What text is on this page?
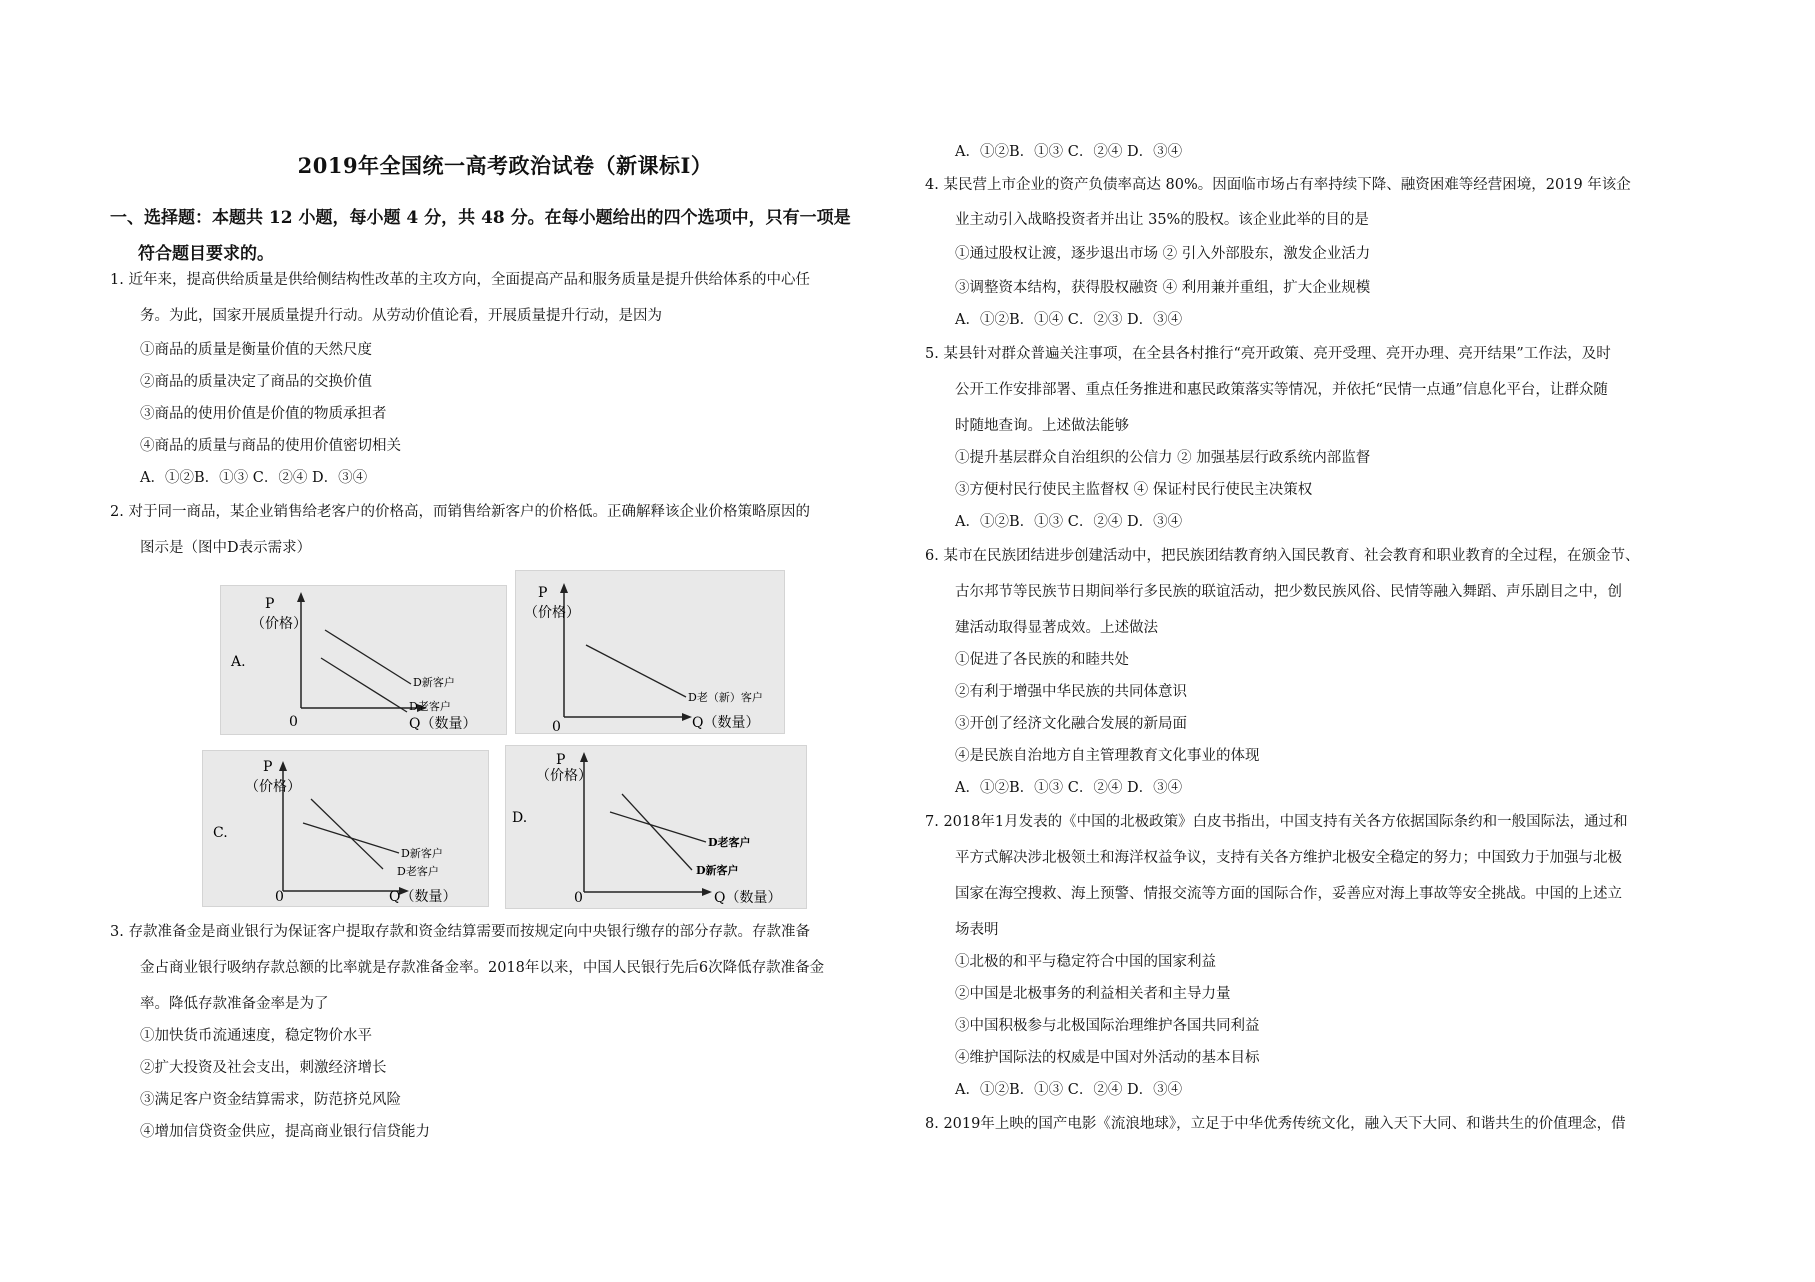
2019年全国统一高考政治试卷（新课标Ⅰ）
一、选择题：本题共 12 小题，每小题 4 分，共 48 分。在每小题给出的四个选项中，只有一项是
符合题目要求的。
1. 近年来，提高供给质量是供给侧结构性改革的主攻方向，全面提高产品和服务质量是提升供给体系的中心任
务。为此，国家开展质量提升行动。从劳动价值论看，开展质量提升行动，是因为
①商品的质量是衡量价值的天然尺度
②商品的质量决定了商品的交换价值
③商品的使用价值是价值的物质承担者
④商品的质量与商品的使用价值密切相关
A．①②B．①③ C．②④ D．③④
2. 对于同一商品，某企业销售给老客户的价格高，而销售给新客户的价格低。正确解释该企业价格策略原因的
图示是（图中D表示需求）
A.
P
（价格）
Q（数量）
0
D新客户
D老客户
P
（价格）
Q（数量）
0
D老（新）客户
C.
P
（价格）
Q（数量）
0
D新客户
D老客户
D.
P
（价格）
Q（数量）
0
D老客户
D新客户
3. 存款准备金是商业银行为保证客户提取存款和资金结算需要而按规定向中央银行缴存的部分存款。存款准备
金占商业银行吸纳存款总额的比率就是存款准备金率。2018年以来，中国人民银行先后6次降低存款准备金
率。降低存款准备金率是为了
①加快货币流通速度，稳定物价水平
②扩大投资及社会支出，刺激经济增长
③满足客户资金结算需求，防范挤兑风险
④增加信贷资金供应，提高商业银行信贷能力
A．①②B．①③ C．②④ D．③④
4. 某民营上市企业的资产负债率高达 80%。因面临市场占有率持续下降、融资困难等经营困境，2019 年该企
业主动引入战略投资者并出让 35%的股权。该企业此举的目的是
①通过股权让渡，逐步退出市场 ② 引入外部股东，激发企业活力
③调整资本结构，获得股权融资 ④ 利用兼并重组，扩大企业规模
A．①②B．①④ C．②③ D．③④
5. 某县针对群众普遍关注事项，在全县各村推行“亮开政策、亮开受理、亮开办理、亮开结果”工作法，及时
公开工作安排部署、重点任务推进和惠民政策落实等情况，并依托“民情一点通”信息化平台，让群众随
时随地查询。上述做法能够
①提升基层群众自治组织的公信力 ② 加强基层行政系统内部监督
③方便村民行使民主监督权 ④ 保证村民行使民主决策权
A．①②B．①③ C．②④ D．③④
6. 某市在民族团结进步创建活动中，把民族团结教育纳入国民教育、社会教育和职业教育的全过程，在颁金节、
古尔邦节等民族节日期间举行多民族的联谊活动，把少数民族风俗、民情等融入舞蹈、声乐剧目之中，创
建活动取得显著成效。上述做法
①促进了各民族的和睦共处
②有利于增强中华民族的共同体意识
③开创了经济文化融合发展的新局面
④是民族自治地方自主管理教育文化事业的体现
A．①②B．①③ C．②④ D．③④
7. 2018年1月发表的《中国的北极政策》白皮书指出，中国支持有关各方依据国际条约和一般国际法，通过和
平方式解决涉北极领土和海洋权益争议，支持有关各方维护北极安全稳定的努力；中国致力于加强与北极
国家在海空搜救、海上预警、情报交流等方面的国际合作，妥善应对海上事故等安全挑战。中国的上述立
场表明
①北极的和平与稳定符合中国的国家利益
②中国是北极事务的利益相关者和主导力量
③中国积极参与北极国际治理维护各国共同利益
④维护国际法的权威是中国对外活动的基本目标
A．①②B．①③ C．②④ D．③④
8. 2019年上映的国产电影《流浪地球》，立足于中华优秀传统文化，融入天下大同、和谐共生的价值理念，借
